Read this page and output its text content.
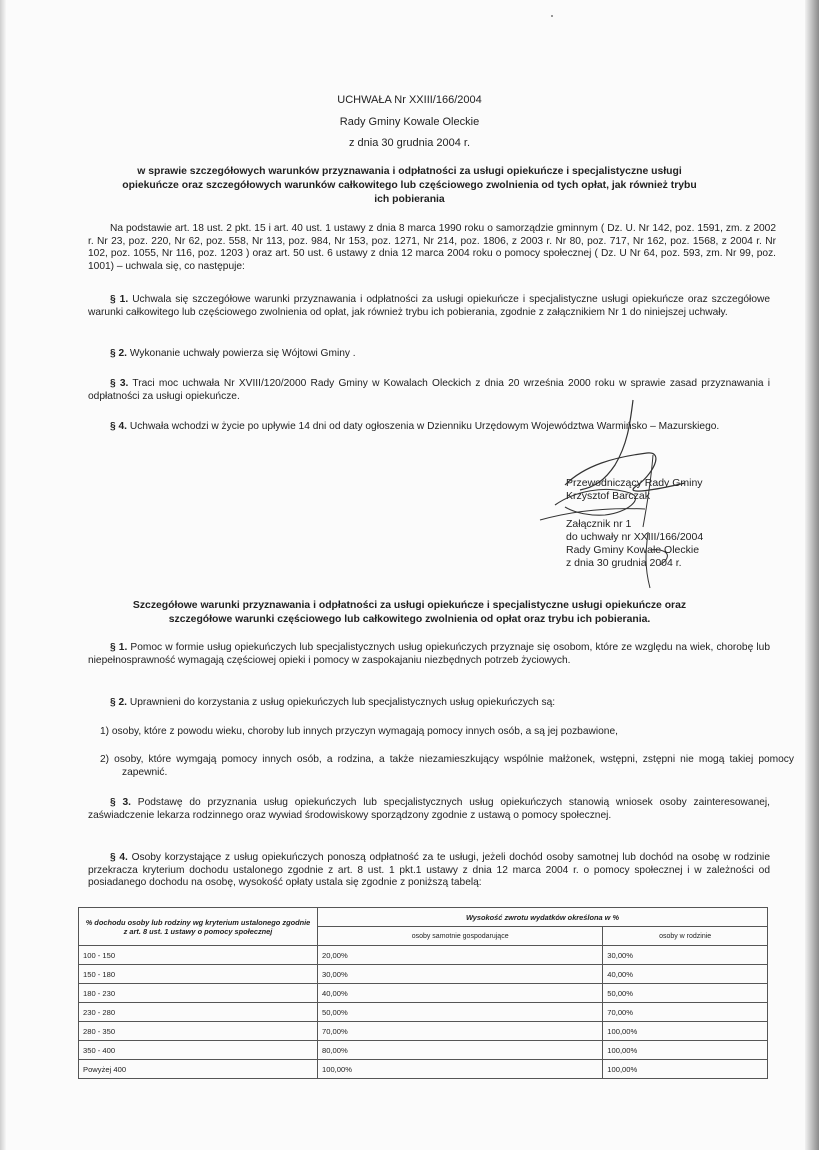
UCHWAŁA Nr XXIII/166/2004
Rady Gminy Kowale Oleckie
z dnia 30 grudnia 2004 r.
w sprawie szczegółowych warunków przyznawania i odpłatności za usługi opiekuńcze i specjalistyczne usługi
opiekuńcze oraz szczegółowych warunków całkowitego lub częściowego zwolnienia od tych opłat, jak również trybu
ich pobierania
Na podstawie art. 18 ust. 2 pkt. 15 i art. 40 ust. 1 ustawy z dnia 8 marca 1990 roku o samorządzie gminnym ( Dz. U. Nr 142, poz. 1591, zm. z 2002 r. Nr 23, poz. 220, Nr 62, poz. 558, Nr 113, poz. 984, Nr 153, poz. 1271, Nr 214, poz. 1806, z 2003 r. Nr 80, poz. 717, Nr 162, poz. 1568, z 2004 r. Nr 102, poz. 1055, Nr 116, poz. 1203 ) oraz art. 50 ust. 6 ustawy z dnia 12 marca 2004 roku o pomocy społecznej ( Dz. U Nr 64, poz. 593, zm. Nr 99, poz. 1001) – uchwala się, co następuje:
§ 1. Uchwala się szczegółowe warunki przyznawania i odpłatności za usługi opiekuńcze i specjalistyczne usługi opiekuńcze oraz szczegółowe warunki całkowitego lub częściowego zwolnienia od opłat, jak również trybu ich pobierania, zgodnie z załącznikiem Nr 1 do niniejszej uchwały.
§ 2. Wykonanie uchwały powierza się Wójtowi Gminy .
§ 3. Traci moc uchwała Nr XVIII/120/2000 Rady Gminy w Kowalach Oleckich z dnia 20 września 2000 roku w sprawie zasad przyznawania i odpłatności za usługi opiekuńcze.
§ 4. Uchwała wchodzi w życie po upływie 14 dni od daty ogłoszenia w Dzienniku Urzędowym Województwa Warmińsko – Mazurskiego.
Przewodniczący Rady Gminy
Krzysztof Barczak
Załącznik nr 1
do uchwały nr XXIII/166/2004
Rady Gminy Kowale Oleckie
z dnia 30 grudnia 2004 r.
Szczegółowe warunki przyznawania i odpłatności za usługi opiekuńcze i specjalistyczne usługi opiekuńcze oraz
szczegółowe warunki częściowego lub całkowitego zwolnienia od opłat oraz trybu ich pobierania.
§ 1. Pomoc w formie usług opiekuńczych lub specjalistycznych usług opiekuńczych przyznaje się osobom, które ze względu na wiek, chorobę lub niepełnosprawność wymagają częściowej opieki i pomocy w zaspokajaniu niezbędnych potrzeb życiowych.
§ 2. Uprawnieni do korzystania z usług opiekuńczych lub specjalistycznych usług opiekuńczych są:
1) osoby, które z powodu wieku, choroby lub innych przyczyn wymagają pomocy innych osób, a są jej pozbawione,
2) osoby, które wymgają pomocy innych osób, a rodzina, a także niezamieszkujący wspólnie małżonek, wstępni, zstępni nie mogą takiej pomocy zapewnić.
§ 3. Podstawę do przyznania usług opiekuńczych lub specjalistycznych usług opiekuńczych stanowią wniosek osoby zainteresowanej, zaświadczenie lekarza rodzinnego oraz wywiad środowiskowy sporządzony zgodnie z ustawą o pomocy społecznej.
§ 4. Osoby korzystające z usług opiekuńczych ponoszą odpłatność za te usługi, jeżeli dochód osoby samotnej lub dochód na osobę w rodzinie przekracza kryterium dochodu ustalonego zgodnie z art. 8 ust. 1 pkt.1 ustawy z dnia 12 marca 2004 r. o pomocy społecznej i w zależności od posiadanego dochodu na osobę, wysokość opłaty ustala się zgodnie z poniższą tabelą:
% dochodu osoby lub rodziny wg kryterium ustalonego zgodnie z art. 8 ust. 1 ustawy o pomocy społecznej	Wysokość zwrotu wydatków określona w %	
	osoby samotnie gospodarujące	osoby w rodzinie
100 - 150	20,00%	30,00%
150 - 180	30,00%	40,00%
180 - 230	40,00%	50,00%
230 - 280	50,00%	70,00%
280 - 350	70,00%	100,00%
350 - 400	80,00%	100,00%
Powyżej 400	100,00%	100,00%
